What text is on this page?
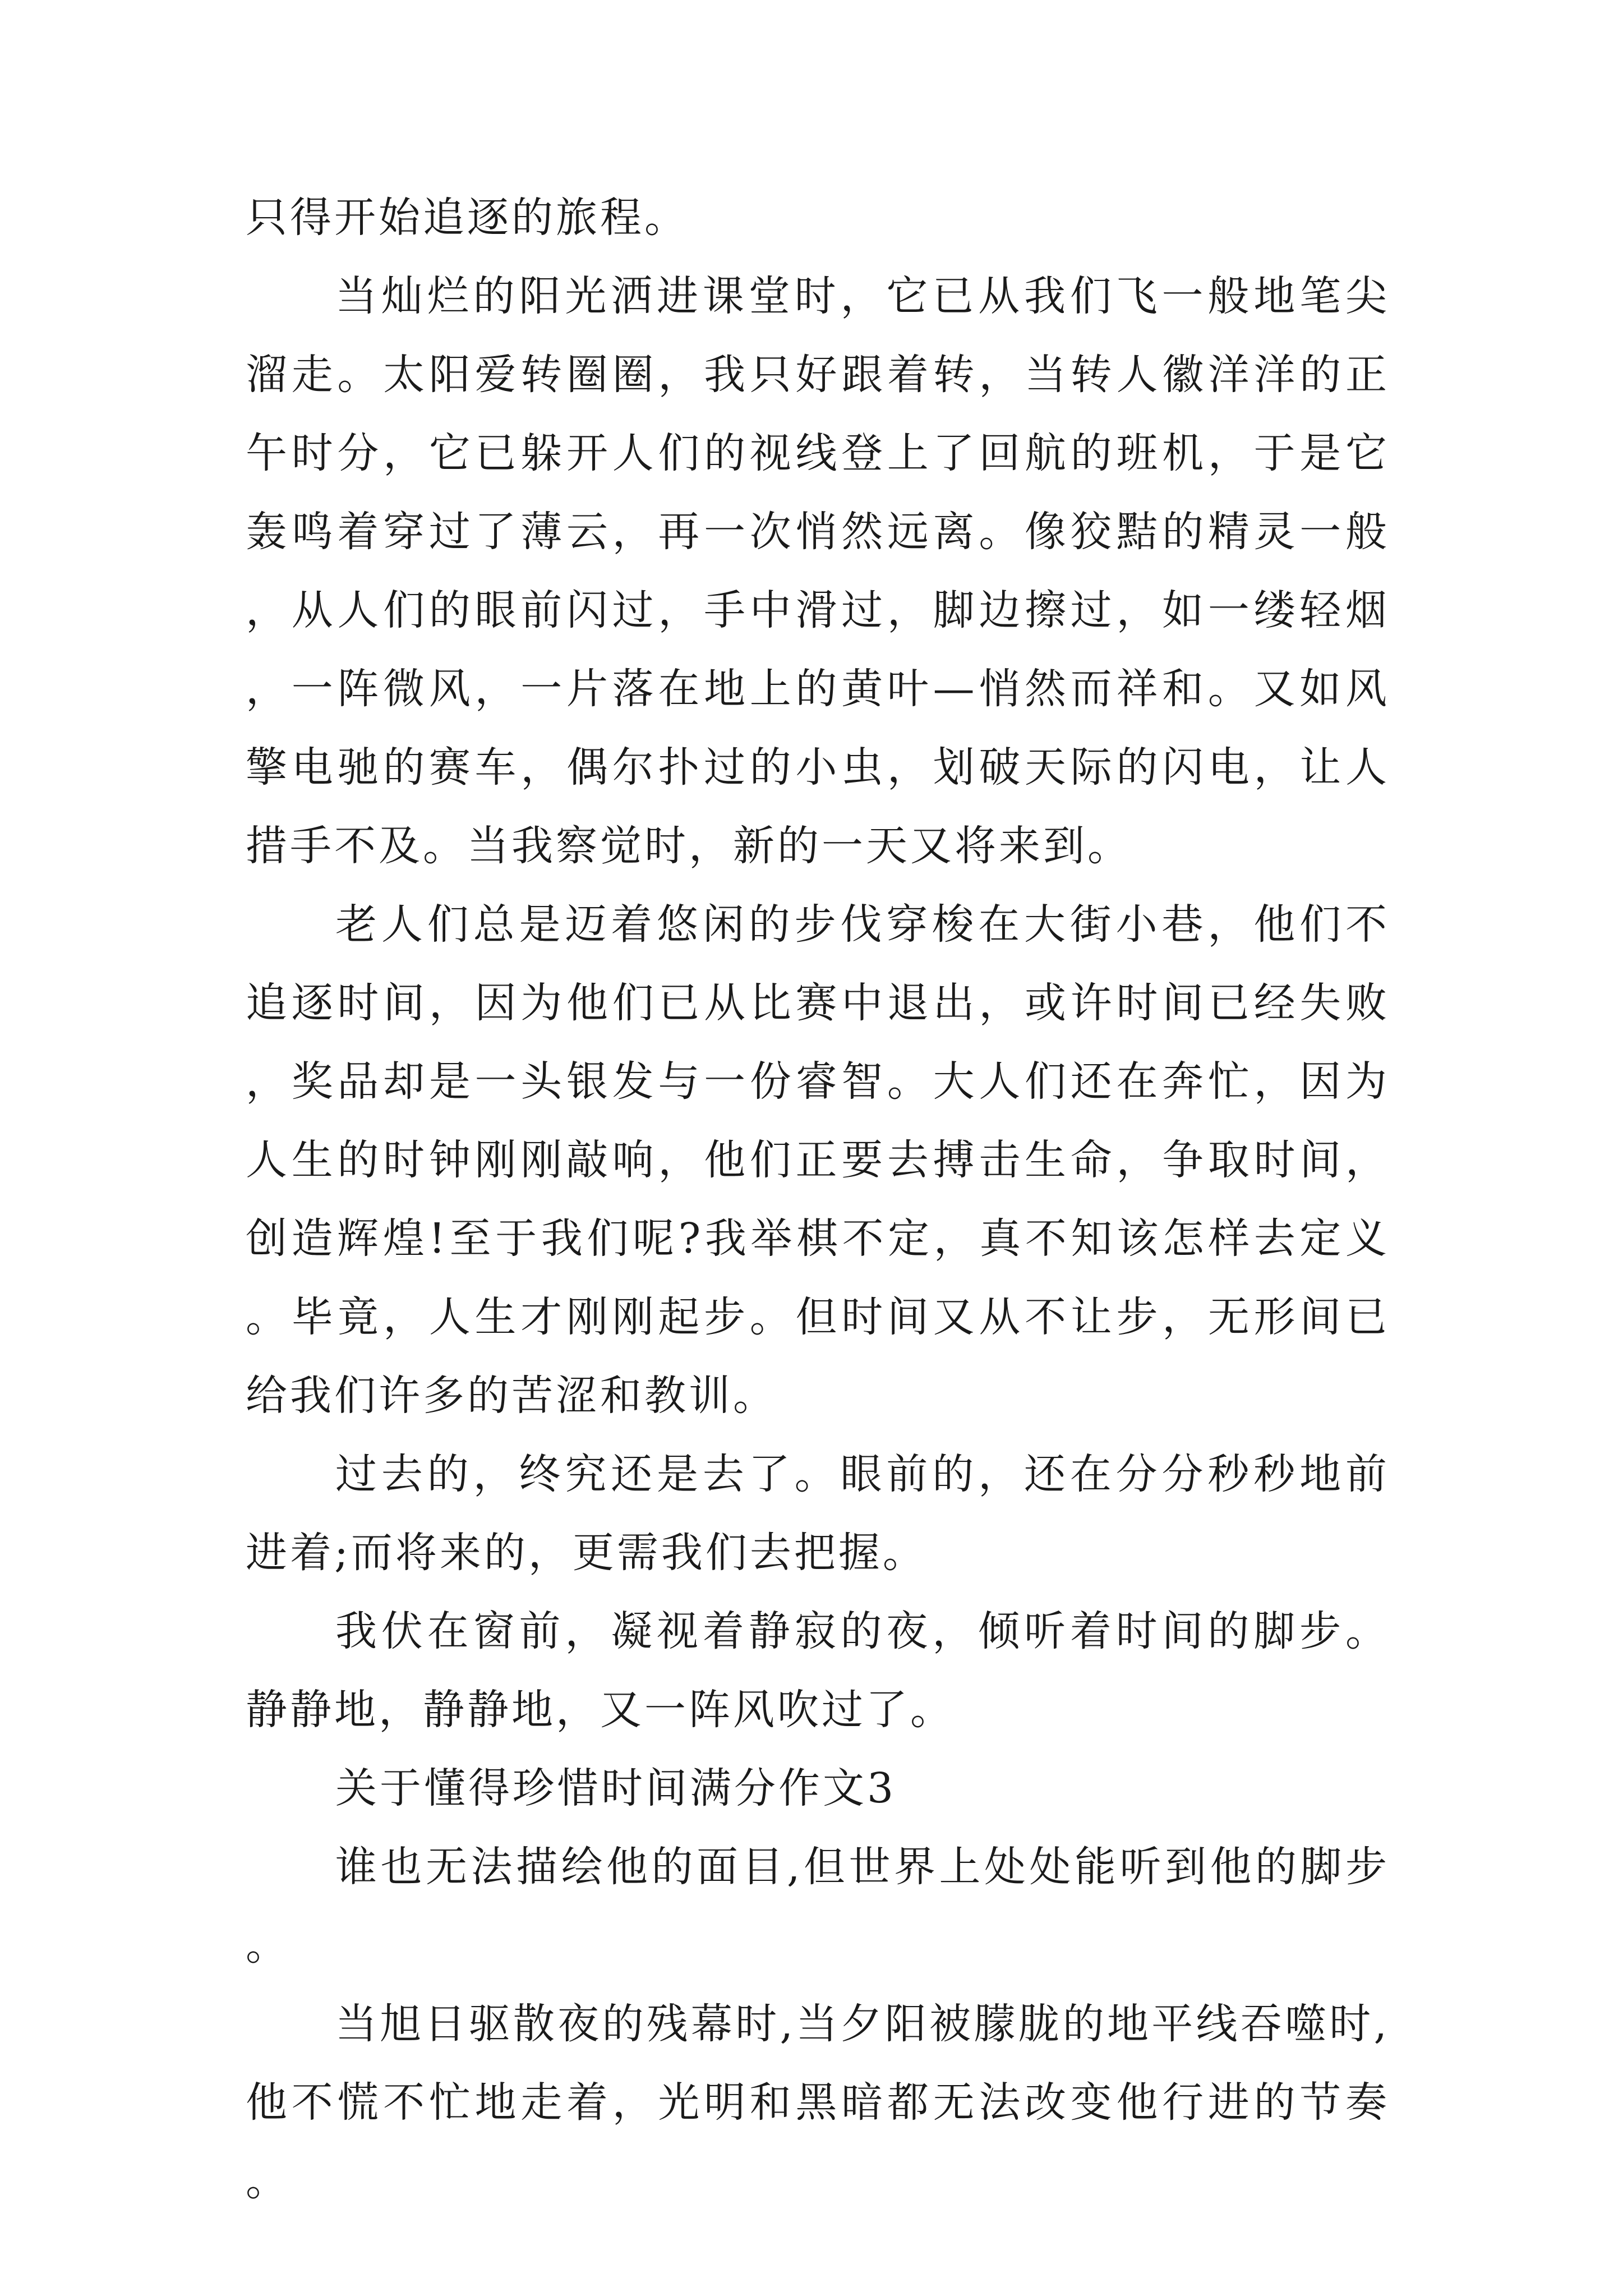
只得开始追逐的旅程。

当灿烂的阳光洒进课堂时，它已从我们飞一般地笔尖溜走。太阳爱转圈圈，我只好跟着转，当转人徽洋洋的正午时分，它已躲开人们的视线登上了回航的班机，于是它轰鸣着穿过了薄云，再一次悄然远离。像狡黠的精灵一般，从人们的眼前闪过，手中滑过，脚边擦过，如一缕轻烟，一阵微风，一片落在地上的黄叶—悄然而祥和。又如风擎电驰的赛车，偶尔扑过的小虫，划破天际的闪电，让人措手不及。当我察觉时，新的一天又将来到。

老人们总是迈着悠闲的步伐穿梭在大街小巷，他们不追逐时间，因为他们已从比赛中退出，或许时间已经失败，奖品却是一头银发与一份睿智。大人们还在奔忙，因为人生的时钟刚刚敲响，他们正要去搏击生命，争取时间，创造辉煌!至于我们呢?我举棋不定，真不知该怎样去定义。毕竟，人生才刚刚起步。但时间又从不让步，无形间已给我们许多的苦涩和教训。

过去的，终究还是去了。眼前的，还在分分秒秒地前进着;而将来的，更需我们去把握。

我伏在窗前，凝视着静寂的夜，倾听着时间的脚步。静静地，静静地，又一阵风吹过了。

关于懂得珍惜时间满分作文3

谁也无法描绘他的面目,但世界上处处能听到他的脚步。

当旭日驱散夜的残幕时,当夕阳被朦胧的地平线吞噬时,他不慌不忙地走着，光明和黑暗都无法改变他行进的节奏。
